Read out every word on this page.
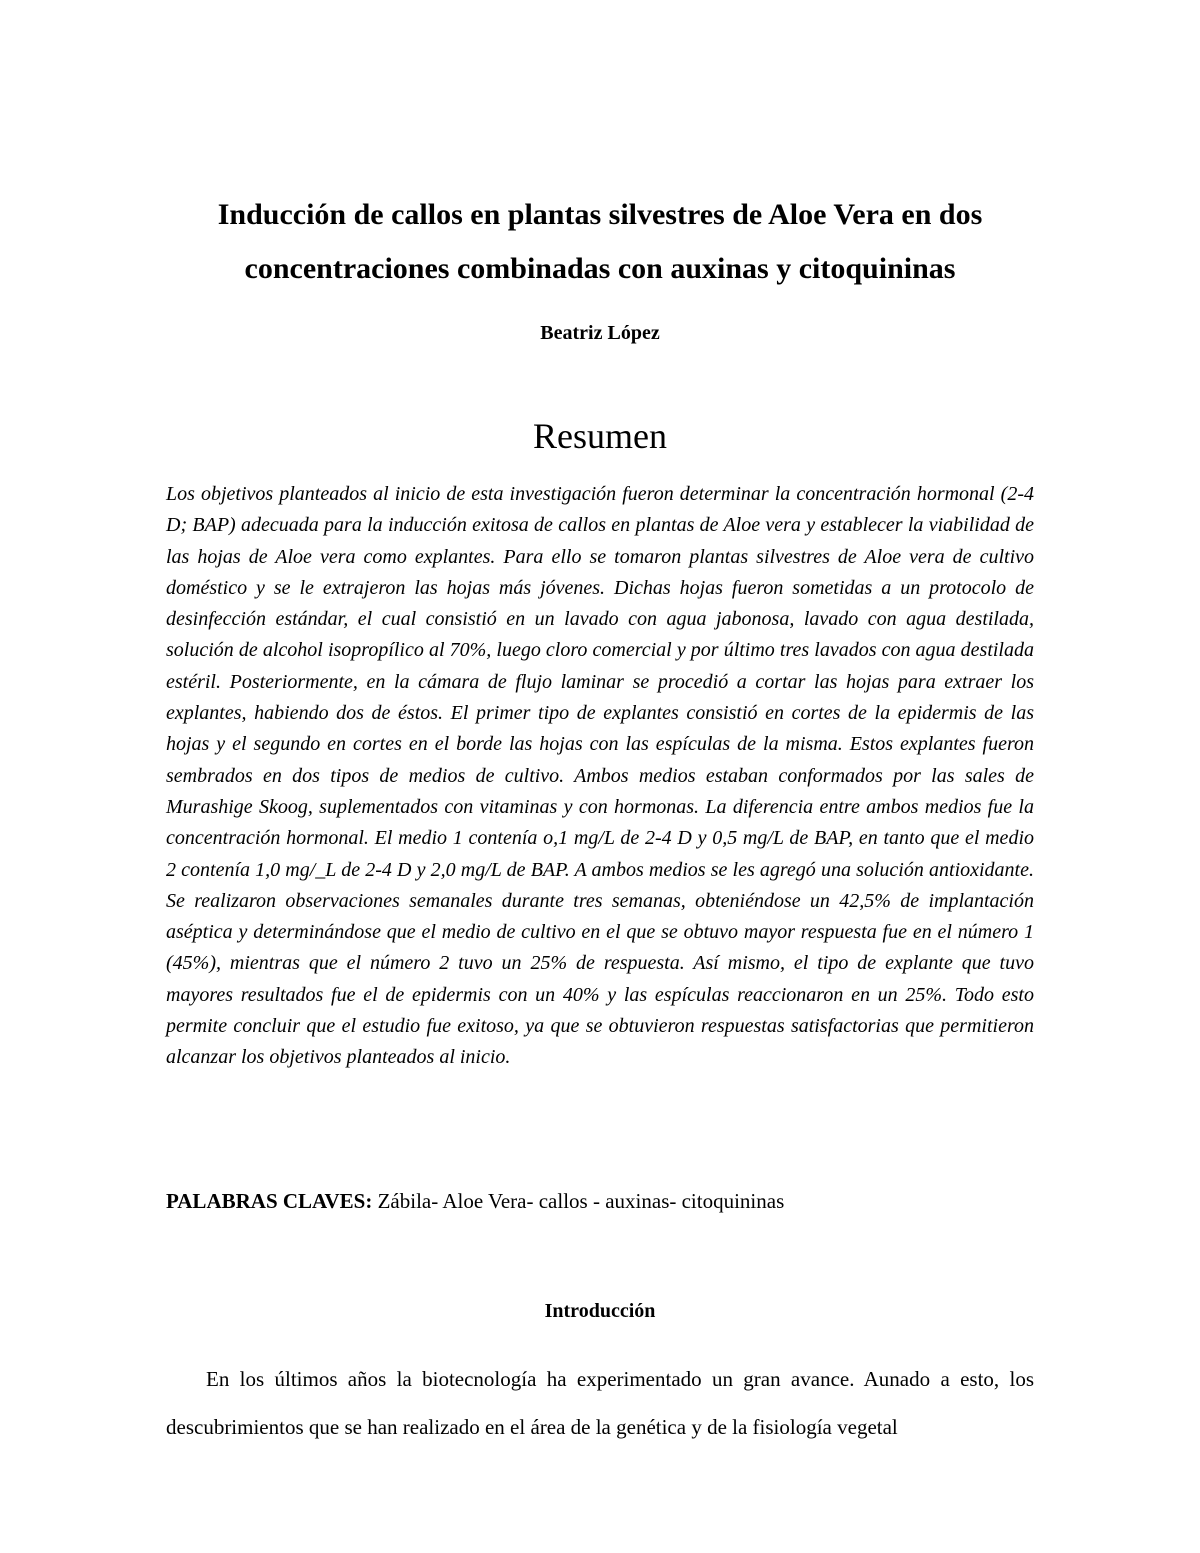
Inducción de callos en plantas silvestres de Aloe Vera en dos
concentraciones combinadas con auxinas y citoquininas

Beatriz López

Resumen

Los objetivos planteados al inicio de esta investigación fueron determinar la concentración hormonal (2-4 D; BAP) adecuada para la inducción exitosa de callos en plantas de Aloe vera y establecer la viabilidad de las hojas de Aloe vera como explantes. Para ello se tomaron plantas silvestres de Aloe vera de cultivo doméstico y se le extrajeron las hojas más jóvenes. Dichas hojas fueron sometidas a un protocolo de desinfección estándar, el cual consistió en un lavado con agua jabonosa, lavado con agua destilada, solución de alcohol isopropílico al 70%, luego cloro comercial y por último tres lavados con agua destilada estéril. Posteriormente, en la cámara de flujo laminar se procedió a cortar las hojas para extraer los explantes, habiendo dos de éstos. El primer tipo de explantes consistió en cortes de la epidermis de las hojas y el segundo en cortes en el borde las hojas con las espículas de la misma. Estos explantes fueron sembrados en dos tipos de medios de cultivo. Ambos medios estaban conformados por las sales de Murashige Skoog, suplementados con vitaminas y con hormonas. La diferencia entre ambos medios fue la concentración hormonal. El medio 1 contenía o,1 mg/L de 2-4 D y 0,5 mg/L de BAP, en tanto que el medio 2 contenía 1,0 mg/_L de 2-4 D y 2,0 mg/L de BAP. A ambos medios se les agregó una solución antioxidante. Se realizaron observaciones semanales durante tres semanas, obteniéndose un 42,5% de implantación aséptica y determinándose que el medio de cultivo en el que se obtuvo mayor respuesta fue en el número 1 (45%), mientras que el número 2 tuvo un 25% de respuesta. Así mismo, el tipo de explante que tuvo mayores resultados fue el de epidermis con un 40% y las espículas reaccionaron en un 25%. Todo esto permite concluir que el estudio fue exitoso, ya que se obtuvieron respuestas satisfactorias que permitieron alcanzar los objetivos planteados al inicio.

PALABRAS CLAVES: Zábila- Aloe Vera- callos - auxinas- citoquininas

Introducción

En los últimos años la biotecnología ha experimentado un gran avance. Aunado a esto, los descubrimientos que se han realizado en el área de la genética y de la fisiología vegetal
